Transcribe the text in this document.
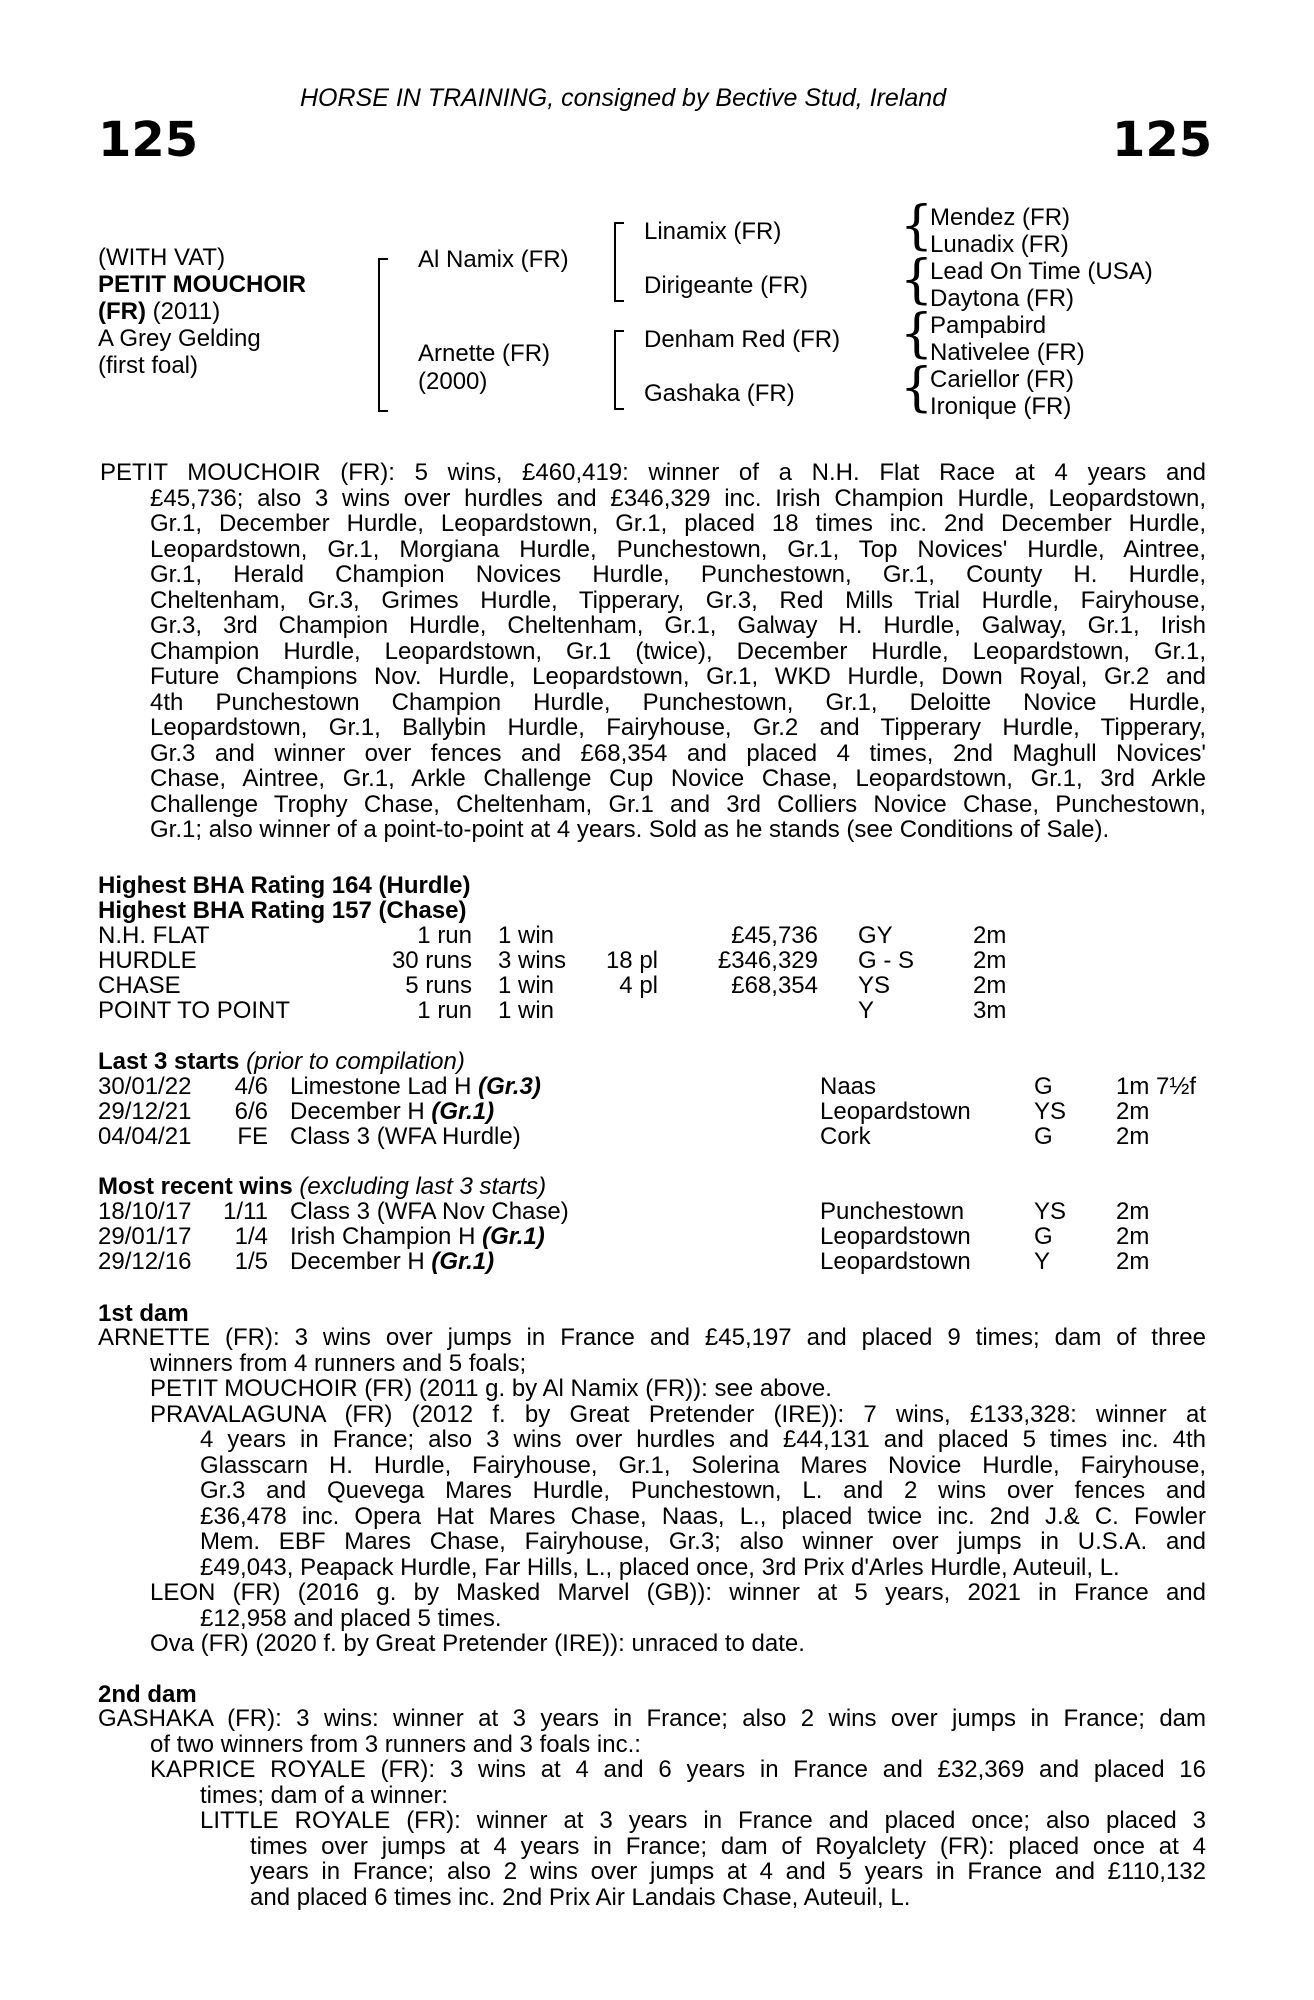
HORSE IN TRAINING, consigned by Bective Stud, Ireland
125	125
(WITH VAT)
PETIT MOUCHOIR
(FR) (2011)
A Grey Gelding
(first foal)
Al Namix (FR)
Arnette (FR)
(2000)
Linamix (FR)
Dirigeante (FR)
Denham Red (FR)
Gashaka (FR)
{
{
{
{
Mendez (FR)
Lunadix (FR)
Lead On Time (USA)
Daytona (FR)
Pampabird
Nativelee (FR)
Cariellor (FR)
Ironique (FR)
PETIT MOUCHOIR (FR): 5 wins, £460,419: winner of a N.H. Flat Race at 4 years and
£45,736; also 3 wins over hurdles and £346,329 inc. Irish Champion Hurdle, Leopardstown,
Gr.1, December Hurdle, Leopardstown, Gr.1, placed 18 times inc. 2nd December Hurdle,
Leopardstown, Gr.1, Morgiana Hurdle, Punchestown, Gr.1, Top Novices' Hurdle, Aintree,
Gr.1, Herald Champion Novices Hurdle, Punchestown, Gr.1, County H. Hurdle,
Cheltenham, Gr.3, Grimes Hurdle, Tipperary, Gr.3, Red Mills Trial Hurdle, Fairyhouse,
Gr.3, 3rd Champion Hurdle, Cheltenham, Gr.1, Galway H. Hurdle, Galway, Gr.1, Irish
Champion Hurdle, Leopardstown, Gr.1 (twice), December Hurdle, Leopardstown, Gr.1,
Future Champions Nov. Hurdle, Leopardstown, Gr.1, WKD Hurdle, Down Royal, Gr.2 and
4th Punchestown Champion Hurdle, Punchestown, Gr.1, Deloitte Novice Hurdle,
Leopardstown, Gr.1, Ballybin Hurdle, Fairyhouse, Gr.2 and Tipperary Hurdle, Tipperary,
Gr.3 and winner over fences and £68,354 and placed 4 times, 2nd Maghull Novices'
Chase, Aintree, Gr.1, Arkle Challenge Cup Novice Chase, Leopardstown, Gr.1, 3rd Arkle
Challenge Trophy Chase, Cheltenham, Gr.1 and 3rd Colliers Novice Chase, Punchestown,
Gr.1; also winner of a point-to-point at 4 years. Sold as he stands (see Conditions of Sale).
Highest BHA Rating 164 (Hurdle)
Highest BHA Rating 157 (Chase)
N.H. FLAT	1 run 1 win	£45,736 GY	2m
HURDLE	30 runs 3 wins	18 pl	£346,329 G - S 2m
CHASE	5 runs 1 win	4 pl	£68,354 YS	2m
POINT TO POINT	1 run 1 win	Y	3m
Last 3 starts (prior to compilation)
30/01/22	4/6 Limestone Lad H (Gr.3)	Naas	G	1m 7½f
29/12/21	6/6 December H (Gr.1)	Leopardstown	YS 2m
04/04/21	FE Class 3 (WFA Hurdle)	Cork	G	2m
Most recent wins (excluding last 3 starts)
18/10/17	1/11 Class 3 (WFA Nov Chase)	Punchestown	YS 2m
29/01/17	1/4 Irish Champion H (Gr.1)	Leopardstown	G	2m
29/12/16	1/5 December H (Gr.1)	Leopardstown	Y	2m
1st dam
ARNETTE (FR): 3 wins over jumps in France and £45,197 and placed 9 times; dam of three
winners from 4 runners and 5 foals;
PETIT MOUCHOIR (FR) (2011 g. by Al Namix (FR)): see above.
PRAVALAGUNA (FR) (2012 f. by Great Pretender (IRE)): 7 wins, £133,328: winner at
4 years in France; also 3 wins over hurdles and £44,131 and placed 5 times inc. 4th
Glasscarn H. Hurdle, Fairyhouse, Gr.1, Solerina Mares Novice Hurdle, Fairyhouse,
Gr.3 and Quevega Mares Hurdle, Punchestown, L. and 2 wins over fences and
£36,478 inc. Opera Hat Mares Chase, Naas, L., placed twice inc. 2nd J.& C. Fowler
Mem. EBF Mares Chase, Fairyhouse, Gr.3; also winner over jumps in U.S.A. and
£49,043, Peapack Hurdle, Far Hills, L., placed once, 3rd Prix d'Arles Hurdle, Auteuil, L.
LEON (FR) (2016 g. by Masked Marvel (GB)): winner at 5 years, 2021 in France and
£12,958 and placed 5 times.
Ova (FR) (2020 f. by Great Pretender (IRE)): unraced to date.
2nd dam
GASHAKA (FR): 3 wins: winner at 3 years in France; also 2 wins over jumps in France; dam
of two winners from 3 runners and 3 foals inc.:
KAPRICE ROYALE (FR): 3 wins at 4 and 6 years in France and £32,369 and placed 16
times; dam of a winner:
LITTLE ROYALE (FR): winner at 3 years in France and placed once; also placed 3
times over jumps at 4 years in France; dam of Royalclety (FR): placed once at 4
years in France; also 2 wins over jumps at 4 and 5 years in France and £110,132
and placed 6 times inc. 2nd Prix Air Landais Chase, Auteuil, L.
